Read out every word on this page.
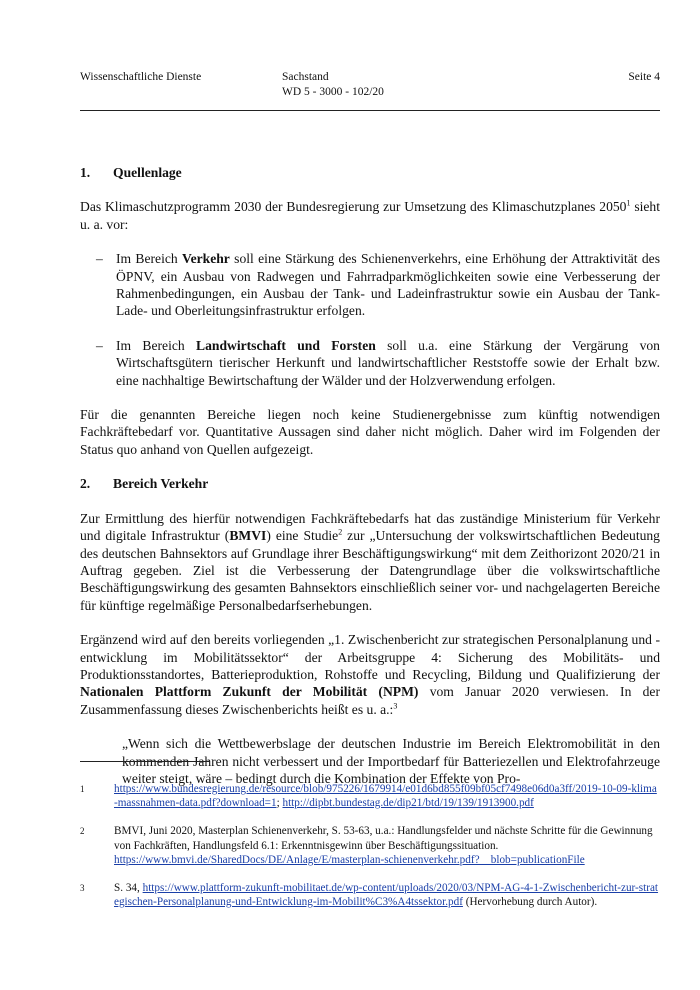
Wissenschaftliche Dienste	Sachstand
WD 5 - 3000 - 102/20
Seite 4
1.	Quellenlage

Das Klimaschutzprogramm 2030 der Bundesregierung zur Umsetzung des Klimaschutzplanes 2050$^1$ sieht u. a. vor:

– Im Bereich Verkehr soll eine Stärkung des Schienenverkehrs, eine Erhöhung der Attraktivität des ÖPNV, ein Ausbau von Radwegen und Fahrradparkmöglichkeiten sowie eine Verbesserung der Rahmenbedingungen, ein Ausbau der Tank- und Ladeinfrastruktur sowie ein Ausbau der Tank- Lade- und Oberleitungsinfrastruktur erfolgen.
– Im Bereich Landwirtschaft und Forsten soll u.a. eine Stärkung der Vergärung von Wirtschaftsgütern tierischer Herkunft und landwirtschaftlicher Reststoffe sowie der Erhalt bzw. eine nachhaltige Bewirtschaftung der Wälder und der Holzverwendung erfolgen.

Für die genannten Bereiche liegen noch keine Studienergebnisse zum künftig notwendigen Fachkräftebedarf vor. Quantitative Aussagen sind daher nicht möglich. Daher wird im Folgenden der Status quo anhand von Quellen aufgezeigt.

2.	Bereich Verkehr

Zur Ermittlung des hierfür notwendigen Fachkräftebedarfs hat das zuständige Ministerium für Verkehr und digitale Infrastruktur (BMVI) eine Studie$^2$ zur „Untersuchung der volkswirtschaftlichen Bedeutung des deutschen Bahnsektors auf Grundlage ihrer Beschäftigungswirkung“ mit dem Zeithorizont 2020/21 in Auftrag gegeben. Ziel ist die Verbesserung der Datengrundlage über die volkswirtschaftliche Beschäftigungswirkung des gesamten Bahnsektors einschließlich seiner vor- und nachgelagerten Bereiche für künftige regelmäßige Personalbedarfserhebungen.

Ergänzend wird auf den bereits vorliegenden „1. Zwischenbericht zur strategischen Personalplanung und -entwicklung im Mobilitätssektor“ der Arbeitsgruppe 4: Sicherung des Mobilitäts- und Produktionsstandortes, Batterieproduktion, Rohstoffe und Recycling, Bildung und Qualifizierung der Nationalen Plattform Zukunft der Mobilität (NPM) vom Januar 2020 verwiesen. In der Zusammenfassung dieses Zwischenberichts heißt es u. a.:$^3$

„Wenn sich die Wettbewerbslage der deutschen Industrie im Bereich Elektromobilität in den kommenden Jahren nicht verbessert und der Importbedarf für Batteriezellen und Elektrofahrzeuge weiter steigt, wäre – bedingt durch die Kombination der Effekte von Pro-
1	https://www.bundesregierung.de/resource/blob/975226/1679914/e01d6bd855f09bf05cf7498e06d0a3ff/2019-10-09-klima-massnahmen-data.pdf?download=1; http://dipbt.bundestag.de/dip21/btd/19/139/1913900.pdf
2	BMVI, Juni 2020, Masterplan Schienenverkehr, S. 53-63, u.a.: Handlungsfelder und nächste Schritte für die Gewinnung von Fachkräften, Handlungsfeld 6.1: Erkenntnisgewinn über Beschäftigungssituation.
https://www.bmvi.de/SharedDocs/DE/Anlage/E/masterplan-schienenverkehr.pdf?__blob=publicationFile
3	S. 34, https://www.plattform-zukunft-mobilitaet.de/wp-content/uploads/2020/03/NPM-AG-4-1-Zwischenbericht-zur-strategischen-Personalplanung-und-Entwicklung-im-Mobilit%C3%A4tssektor.pdf (Hervorhebung durch Autor).
